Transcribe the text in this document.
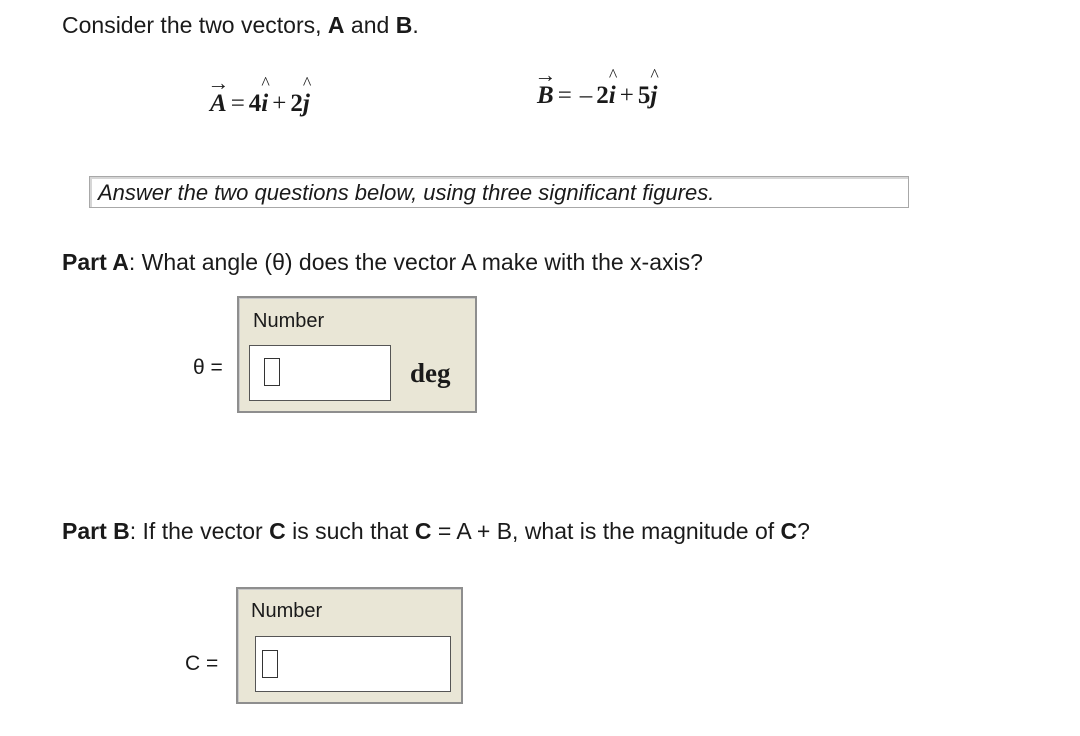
Consider the two vectors, A and B.
→
A = 4
^
i + 2
^
j
→
B = – 2
^
i + 5
^
j
Answer the two questions below, using three significant figures.
Part A: What angle (θ) does the vector A make with the x-axis?
Number
θ =	deg
Part B: If the vector C is such that C = A + B, what is the magnitude of C?
Number
C =
